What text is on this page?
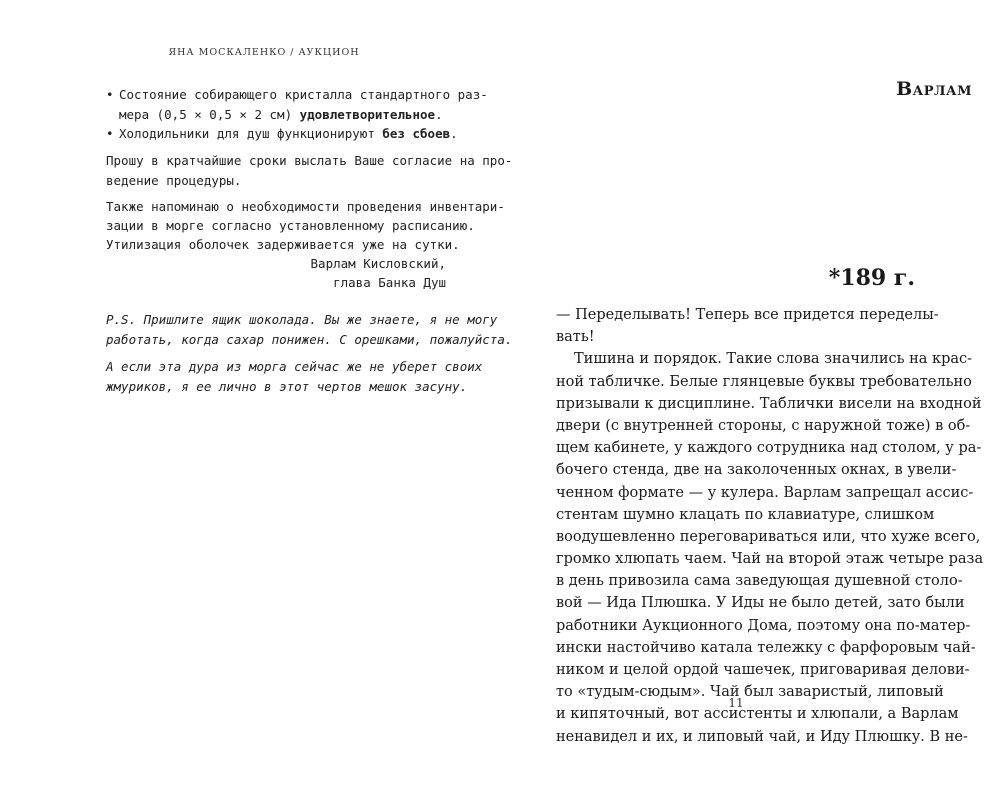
ЯНА МОСКАЛЕНКО / АУКЦИОН
• Состояние собирающего кристалла стандартного раз-
мера (0,5 × 0,5 × 2 см) удовлетворительное.
• Холодильники для душ функционируют без сбоев.
Прошу в кратчайшие сроки выслать Ваше согласие на про-
ведение процедуры.
Также напоминаю о необходимости проведения инвентари-
зации в морге согласно установленному расписанию.
Утилизация оболочек задерживается уже на сутки.
Варлам Кисловский,
глава Банка Душ
P.S. Пришлите ящик шоколада. Вы же знаете, я не могу
работать, когда сахар понижен. С орешками, пожалуйста.
А если эта дура из морга сейчас же не уберет своих
жмуриков, я ее лично в этот чертов мешок засуну.
Варлам
*189 г.
— Переделывать! Теперь все придется переделы-
вать!
Тишина и порядок. Такие слова значились на крас-
ной табличке. Белые глянцевые буквы требовательно
призывали к дисциплине. Таблички висели на входной
двери (с внутренней стороны, с наружной тоже) в об-
щем кабинете, у каждого сотрудника над столом, у ра-
бочего стенда, две на заколоченных окнах, в увели-
ченном формате — у кулера. Варлам запрещал ассис-
стентам шумно клацать по клавиатуре, слишком
воодушевленно переговариваться или, что хуже всего,
громко хлюпать чаем. Чай на второй этаж четыре раза
в день привозила сама заведующая душевной столо-
вой — Ида Плюшка. У Иды не было детей, зато были
работники Аукционного Дома, поэтому она по-матер-
ински настойчиво катала тележку с фарфоровым чай-
ником и целой ордой чашечек, приговаривая делови-
то «тудым-сюдым». Чай был заваристый, липовый
и кипяточный, вот ассистенты и хлюпали, а Варлам
ненавидел и их, и липовый чай, и Иду Плюшку. В не-
11
